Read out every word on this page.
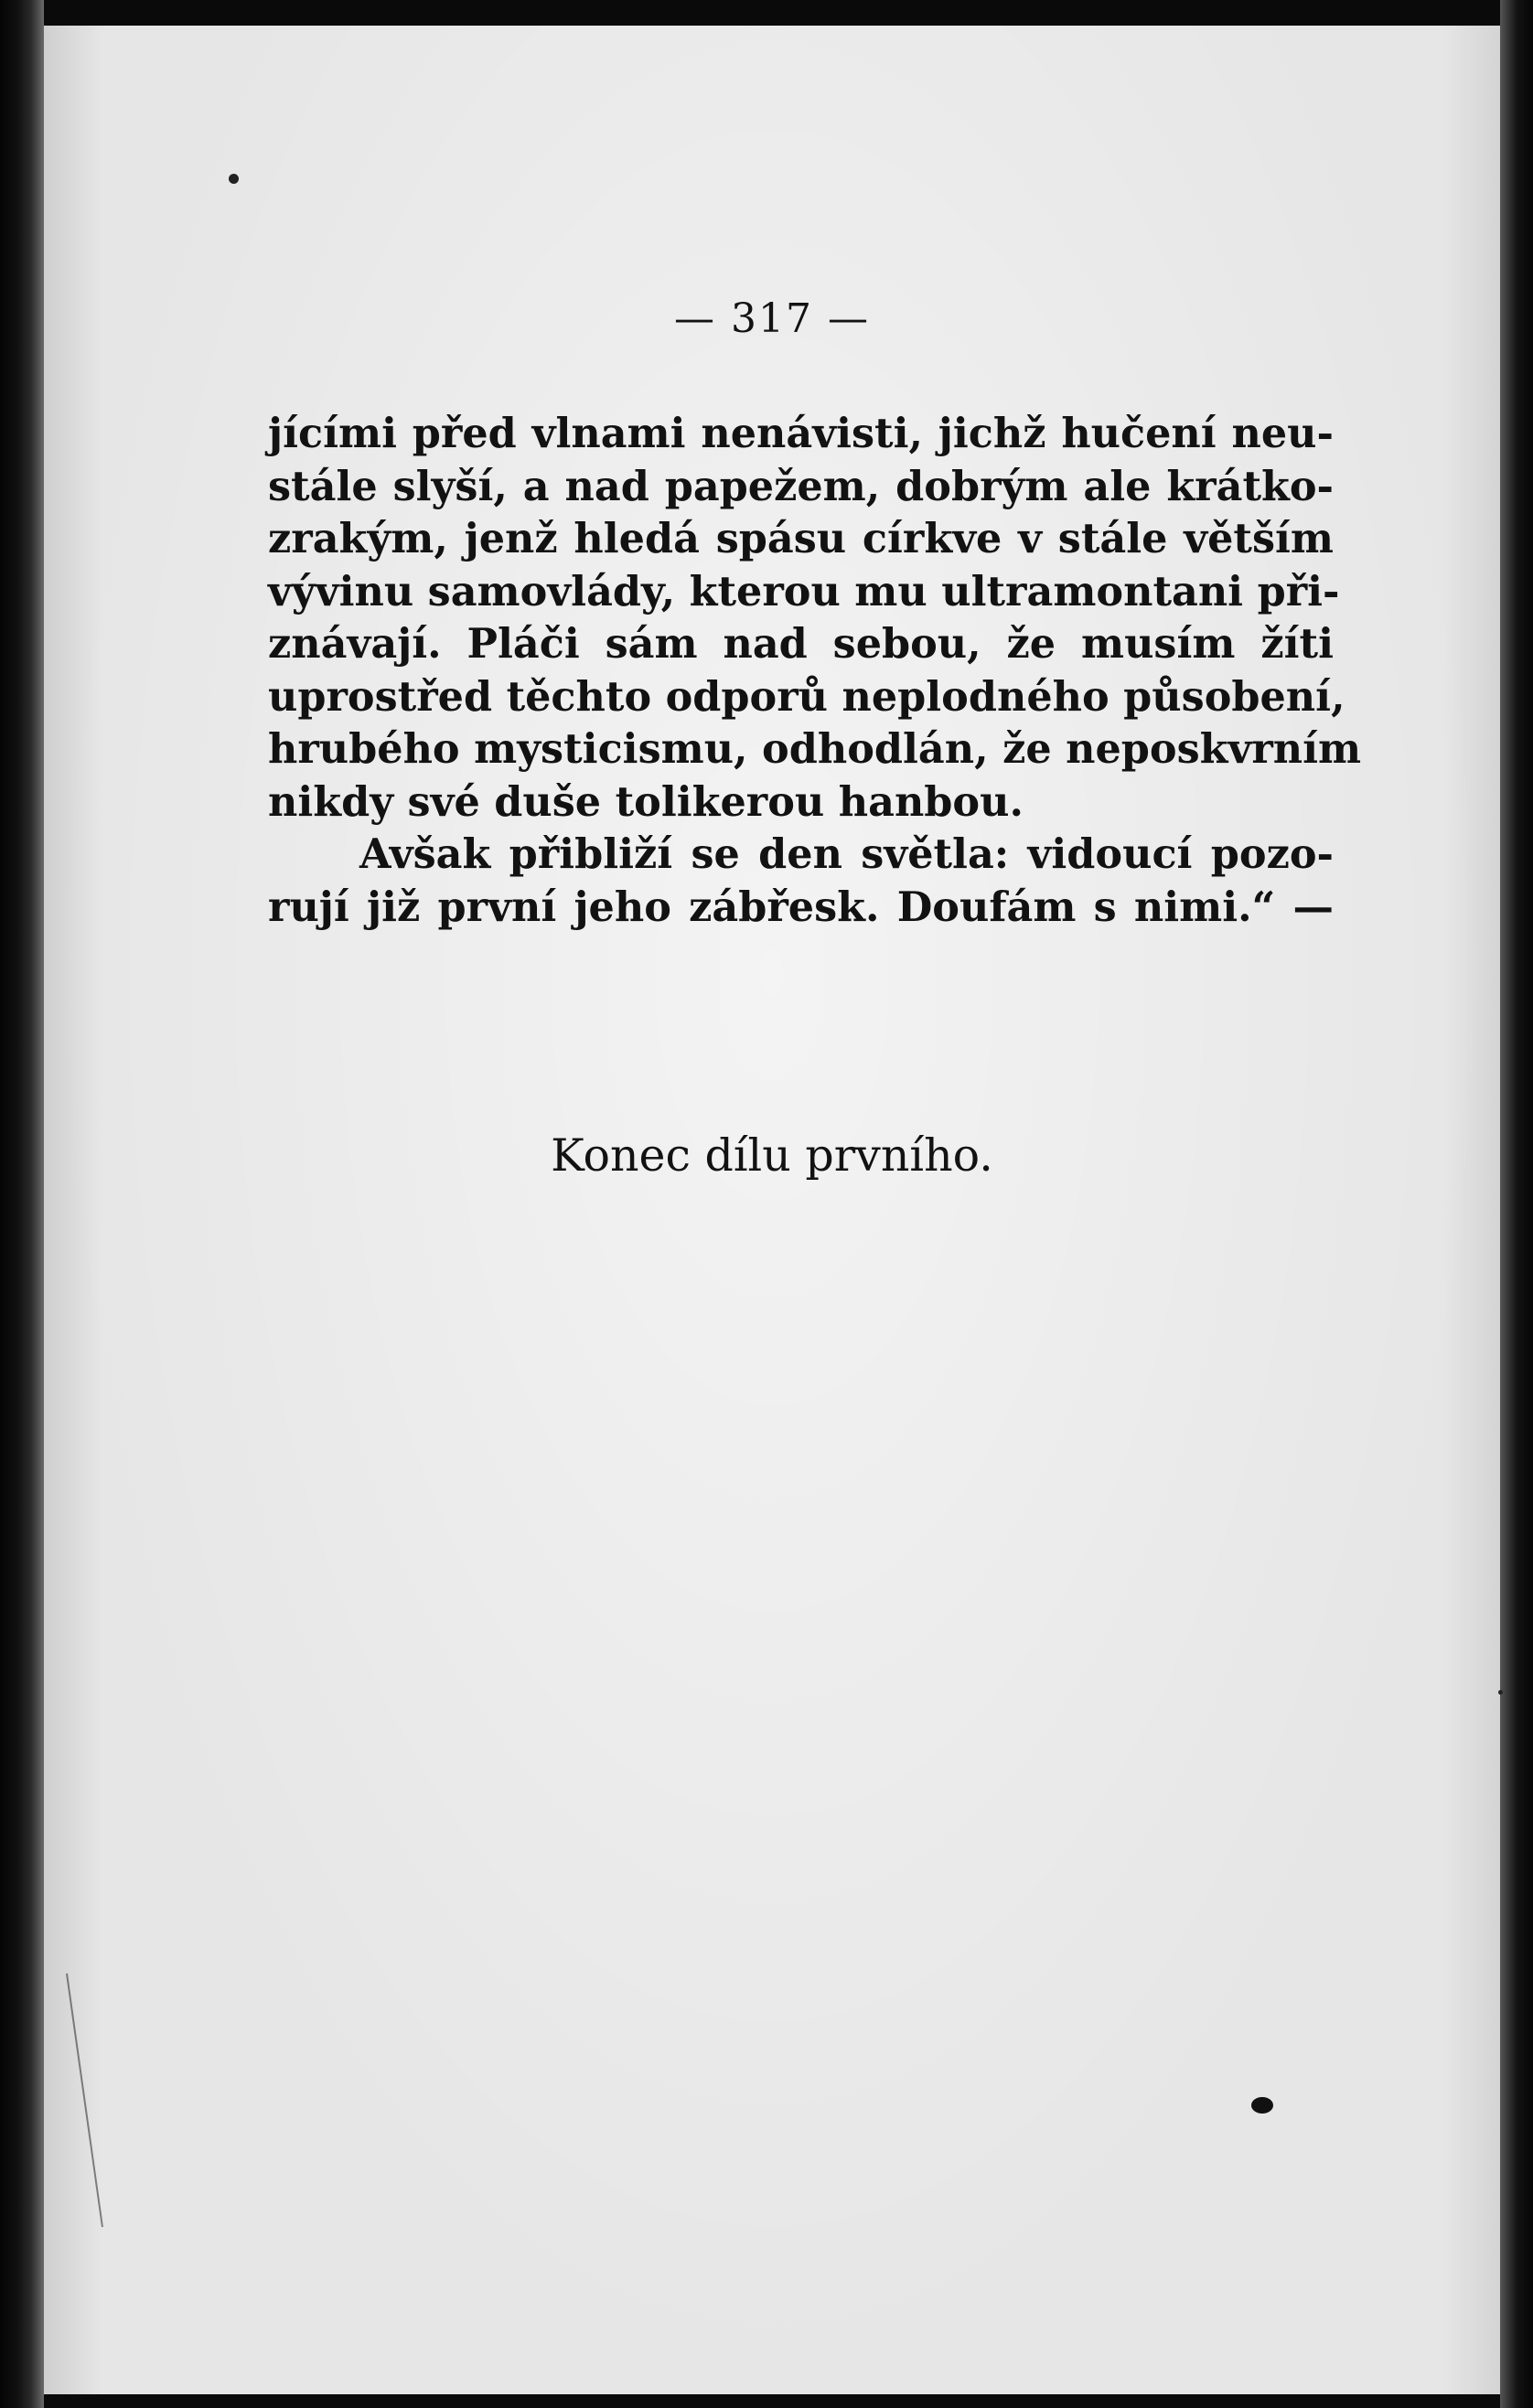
— 317 —
jícími před vlnami nenávisti, jichž hučení neu-
stále slyší, a nad papežem, dobrým ale krátko-
zrakým, jenž hledá spásu církve v stále větším
vývinu samovlády, kterou mu ultramontani při-
znávají. Pláči sám nad sebou, že musím žíti
uprostřed těchto odporů neplodného působení,
hrubého mysticismu, odhodlán, že neposkvrním
nikdy své duše tolikerou hanbou.
Avšak přibliží se den světla: vidoucí pozo-
rují již první jeho zábřesk. Doufám s nimi.“ —
Konec dílu prvního.
